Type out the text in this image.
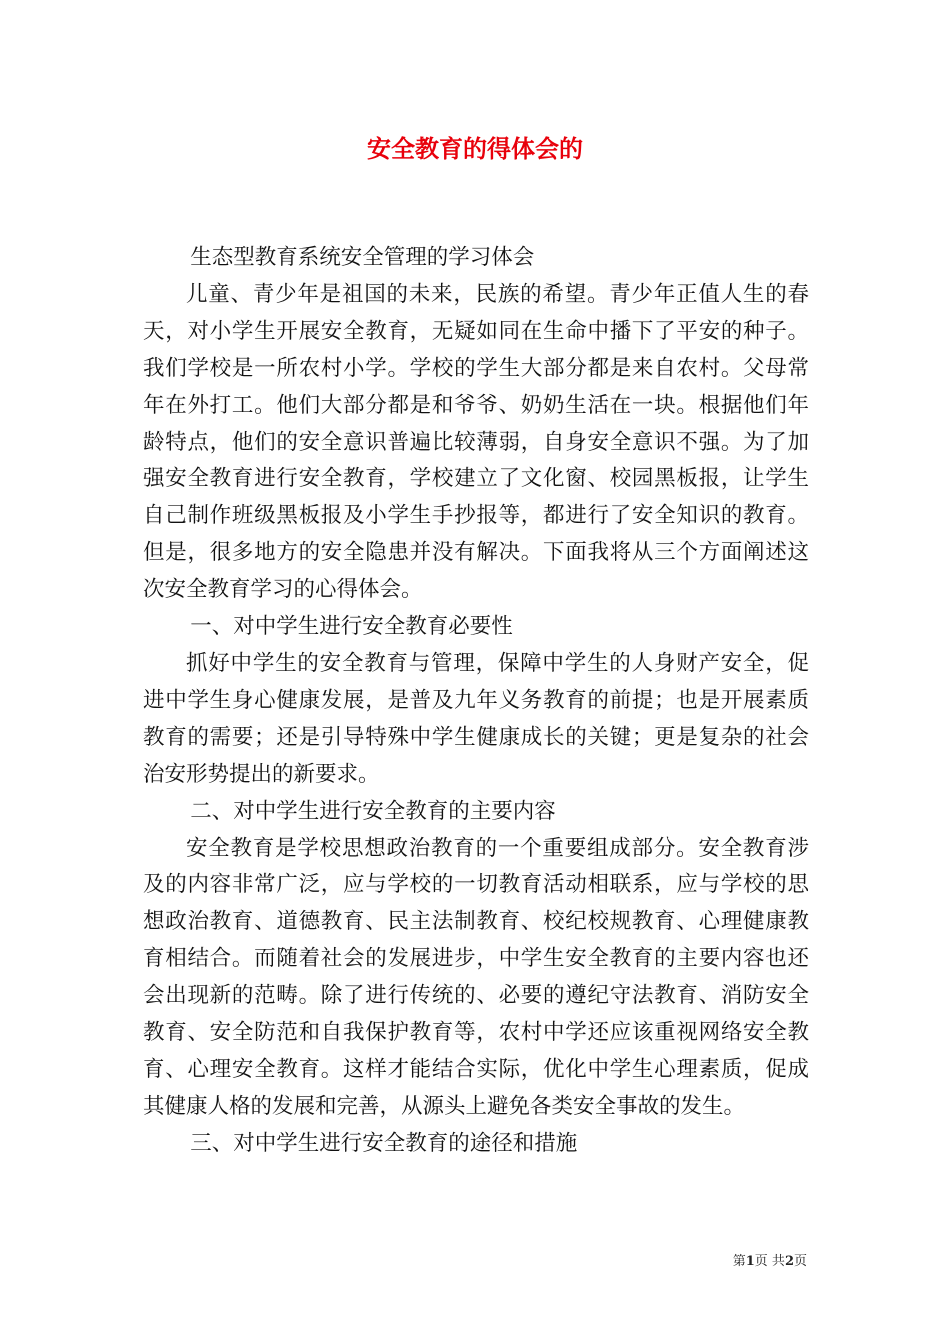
安全教育的得体会的

生态型教育系统安全管理的学习体会

儿童、青少年是祖国的未来，民族的希望。青少年正值人生的春天，对小学生开展安全教育，无疑如同在生命中播下了平安的种子。我们学校是一所农村小学。学校的学生大部分都是来自农村。父母常年在外打工。他们大部分都是和爷爷、奶奶生活在一块。根据他们年龄特点，他们的安全意识普遍比较薄弱，自身安全意识不强。为了加强安全教育进行安全教育，学校建立了文化窗、校园黑板报，让学生自己制作班级黑板报及小学生手抄报等，都进行了安全知识的教育。但是，很多地方的安全隐患并没有解决。下面我将从三个方面阐述这次安全教育学习的心得体会。

一、对中学生进行安全教育必要性

抓好中学生的安全教育与管理，保障中学生的人身财产安全，促进中学生身心健康发展，是普及九年义务教育的前提；也是开展素质教育的需要；还是引导特殊中学生健康成长的关键；更是复杂的社会治安形势提出的新要求。

二、对中学生进行安全教育的主要内容

安全教育是学校思想政治教育的一个重要组成部分。安全教育涉及的内容非常广泛，应与学校的一切教育活动相联系，应与学校的思想政治教育、道德教育、民主法制教育、校纪校规教育、心理健康教育相结合。而随着社会的发展进步，中学生安全教育的主要内容也还会出现新的范畴。除了进行传统的、必要的遵纪守法教育、消防安全教育、安全防范和自我保护教育等，农村中学还应该重视网络安全教育、心理安全教育。这样才能结合实际，优化中学生心理素质，促成其健康人格的发展和完善，从源头上避免各类安全事故的发生。

三、对中学生进行安全教育的途径和措施

第1页 共2页
